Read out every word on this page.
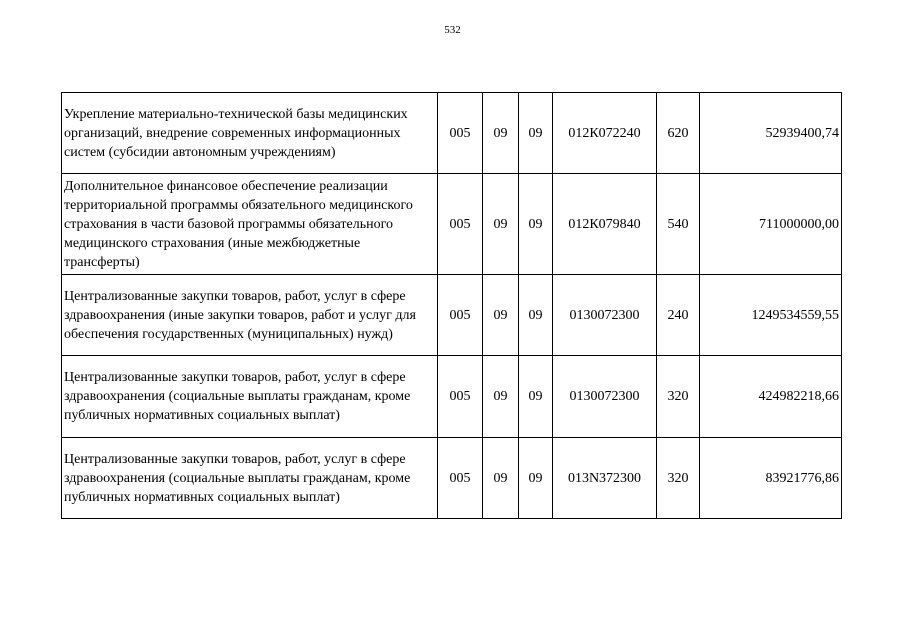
532
Укрепление материально-технической базы медицинских организаций, внедрение современных информационных систем (субсидии автономным учреждениям)	005	09	09	012К072240	620	52939400,74
Дополнительное финансовое обеспечение реализации территориальной программы обязательного медицинского страхования в части базовой программы обязательного медицинского страхования (иные межбюджетные трансферты)	005	09	09	012К079840	540	711000000,00
Централизованные закупки товаров, работ, услуг в сфере здравоохранения (иные закупки товаров, работ и услуг для обеспечения государственных (муниципальных) нужд)	005	09	09	0130072300	240	1249534559,55
Централизованные закупки товаров, работ, услуг в сфере здравоохранения (социальные выплаты гражданам, кроме публичных нормативных социальных выплат)	005	09	09	0130072300	320	424982218,66
Централизованные закупки товаров, работ, услуг в сфере здравоохранения (социальные выплаты гражданам, кроме публичных нормативных социальных выплат)	005	09	09	013N372300	320	83921776,86
